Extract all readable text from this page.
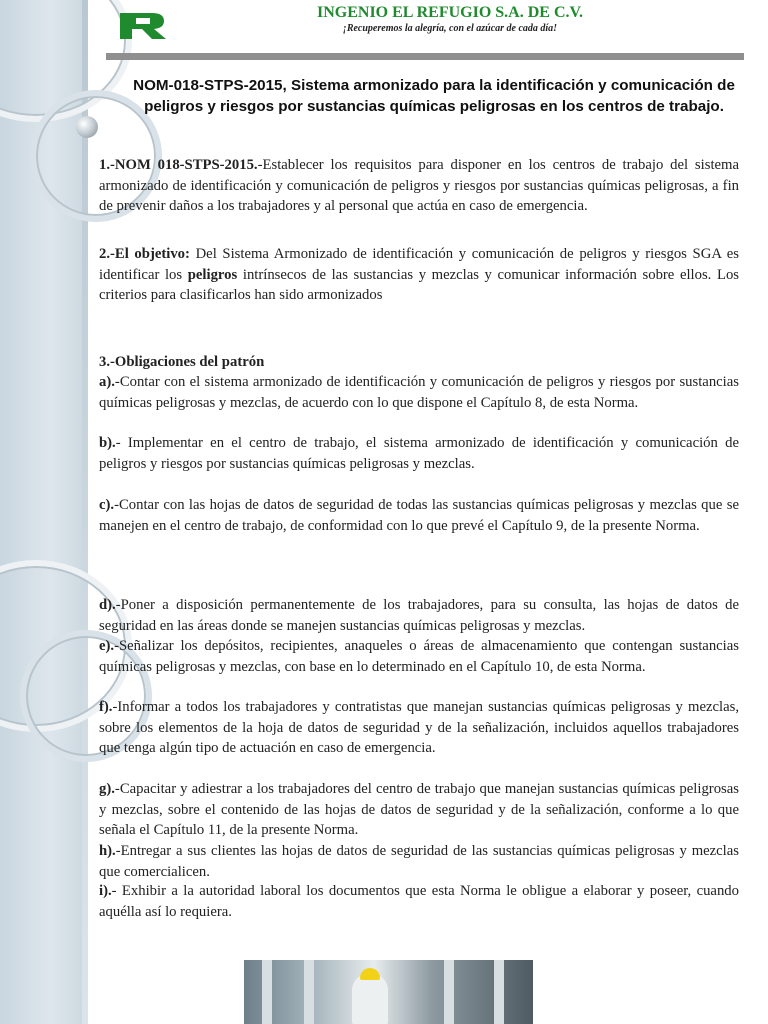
INGENIO EL REFUGIO S.A. DE C.V.
¡Recuperemos la alegría, con el azúcar de cada día!
NOM-018-STPS-2015, Sistema armonizado para la identificación y comunicación de peligros y riesgos por sustancias químicas peligrosas en los centros de trabajo.
1.-NOM 018-STPS-2015.-Establecer los requisitos para disponer en los centros de trabajo del sistema armonizado de identificación y comunicación de peligros y riesgos por sustancias químicas peligrosas, a fin de prevenir daños a los trabajadores y al personal que actúa en caso de emergencia.
2.-El objetivo: Del Sistema Armonizado de identificación y comunicación de peligros y riesgos SGA es identificar los peligros intrínsecos de las sustancias y mezclas y comunicar información sobre ellos. Los criterios para clasificarlos han sido armonizados
3.-Obligaciones del patrón
a).-Contar con el sistema armonizado de identificación y comunicación de peligros y riesgos por sustancias químicas peligrosas y mezclas, de acuerdo con lo que dispone el Capítulo 8, de esta Norma.
b).- Implementar en el centro de trabajo, el sistema armonizado de identificación y comunicación de peligros y riesgos por sustancias químicas peligrosas y mezclas.
c).-Contar con las hojas de datos de seguridad de todas las sustancias químicas peligrosas y mezclas que se manejen en el centro de trabajo, de conformidad con lo que prevé el Capítulo 9, de la presente Norma.
d).-Poner a disposición permanentemente de los trabajadores, para su consulta, las hojas de datos de seguridad en las áreas donde se manejen sustancias químicas peligrosas y mezclas.
e).-Señalizar los depósitos, recipientes, anaqueles o áreas de almacenamiento que contengan sustancias químicas peligrosas y mezclas, con base en lo determinado en el Capítulo 10, de esta Norma.
f).-Informar a todos los trabajadores y contratistas que manejan sustancias químicas peligrosas y mezclas, sobre los elementos de la hoja de datos de seguridad y de la señalización, incluidos aquellos trabajadores que tenga algún tipo de actuación en caso de emergencia.
g).-Capacitar y adiestrar a los trabajadores del centro de trabajo que manejan sustancias químicas peligrosas y mezclas, sobre el contenido de las hojas de datos de seguridad y de la señalización, conforme a lo que señala el Capítulo 11, de la presente Norma.
h).-Entregar a sus clientes las hojas de datos de seguridad de las sustancias químicas peligrosas y mezclas que comercialicen.
i).- Exhibir a la autoridad laboral los documentos que esta Norma le obligue a elaborar y poseer, cuando aquélla así lo requiera.
